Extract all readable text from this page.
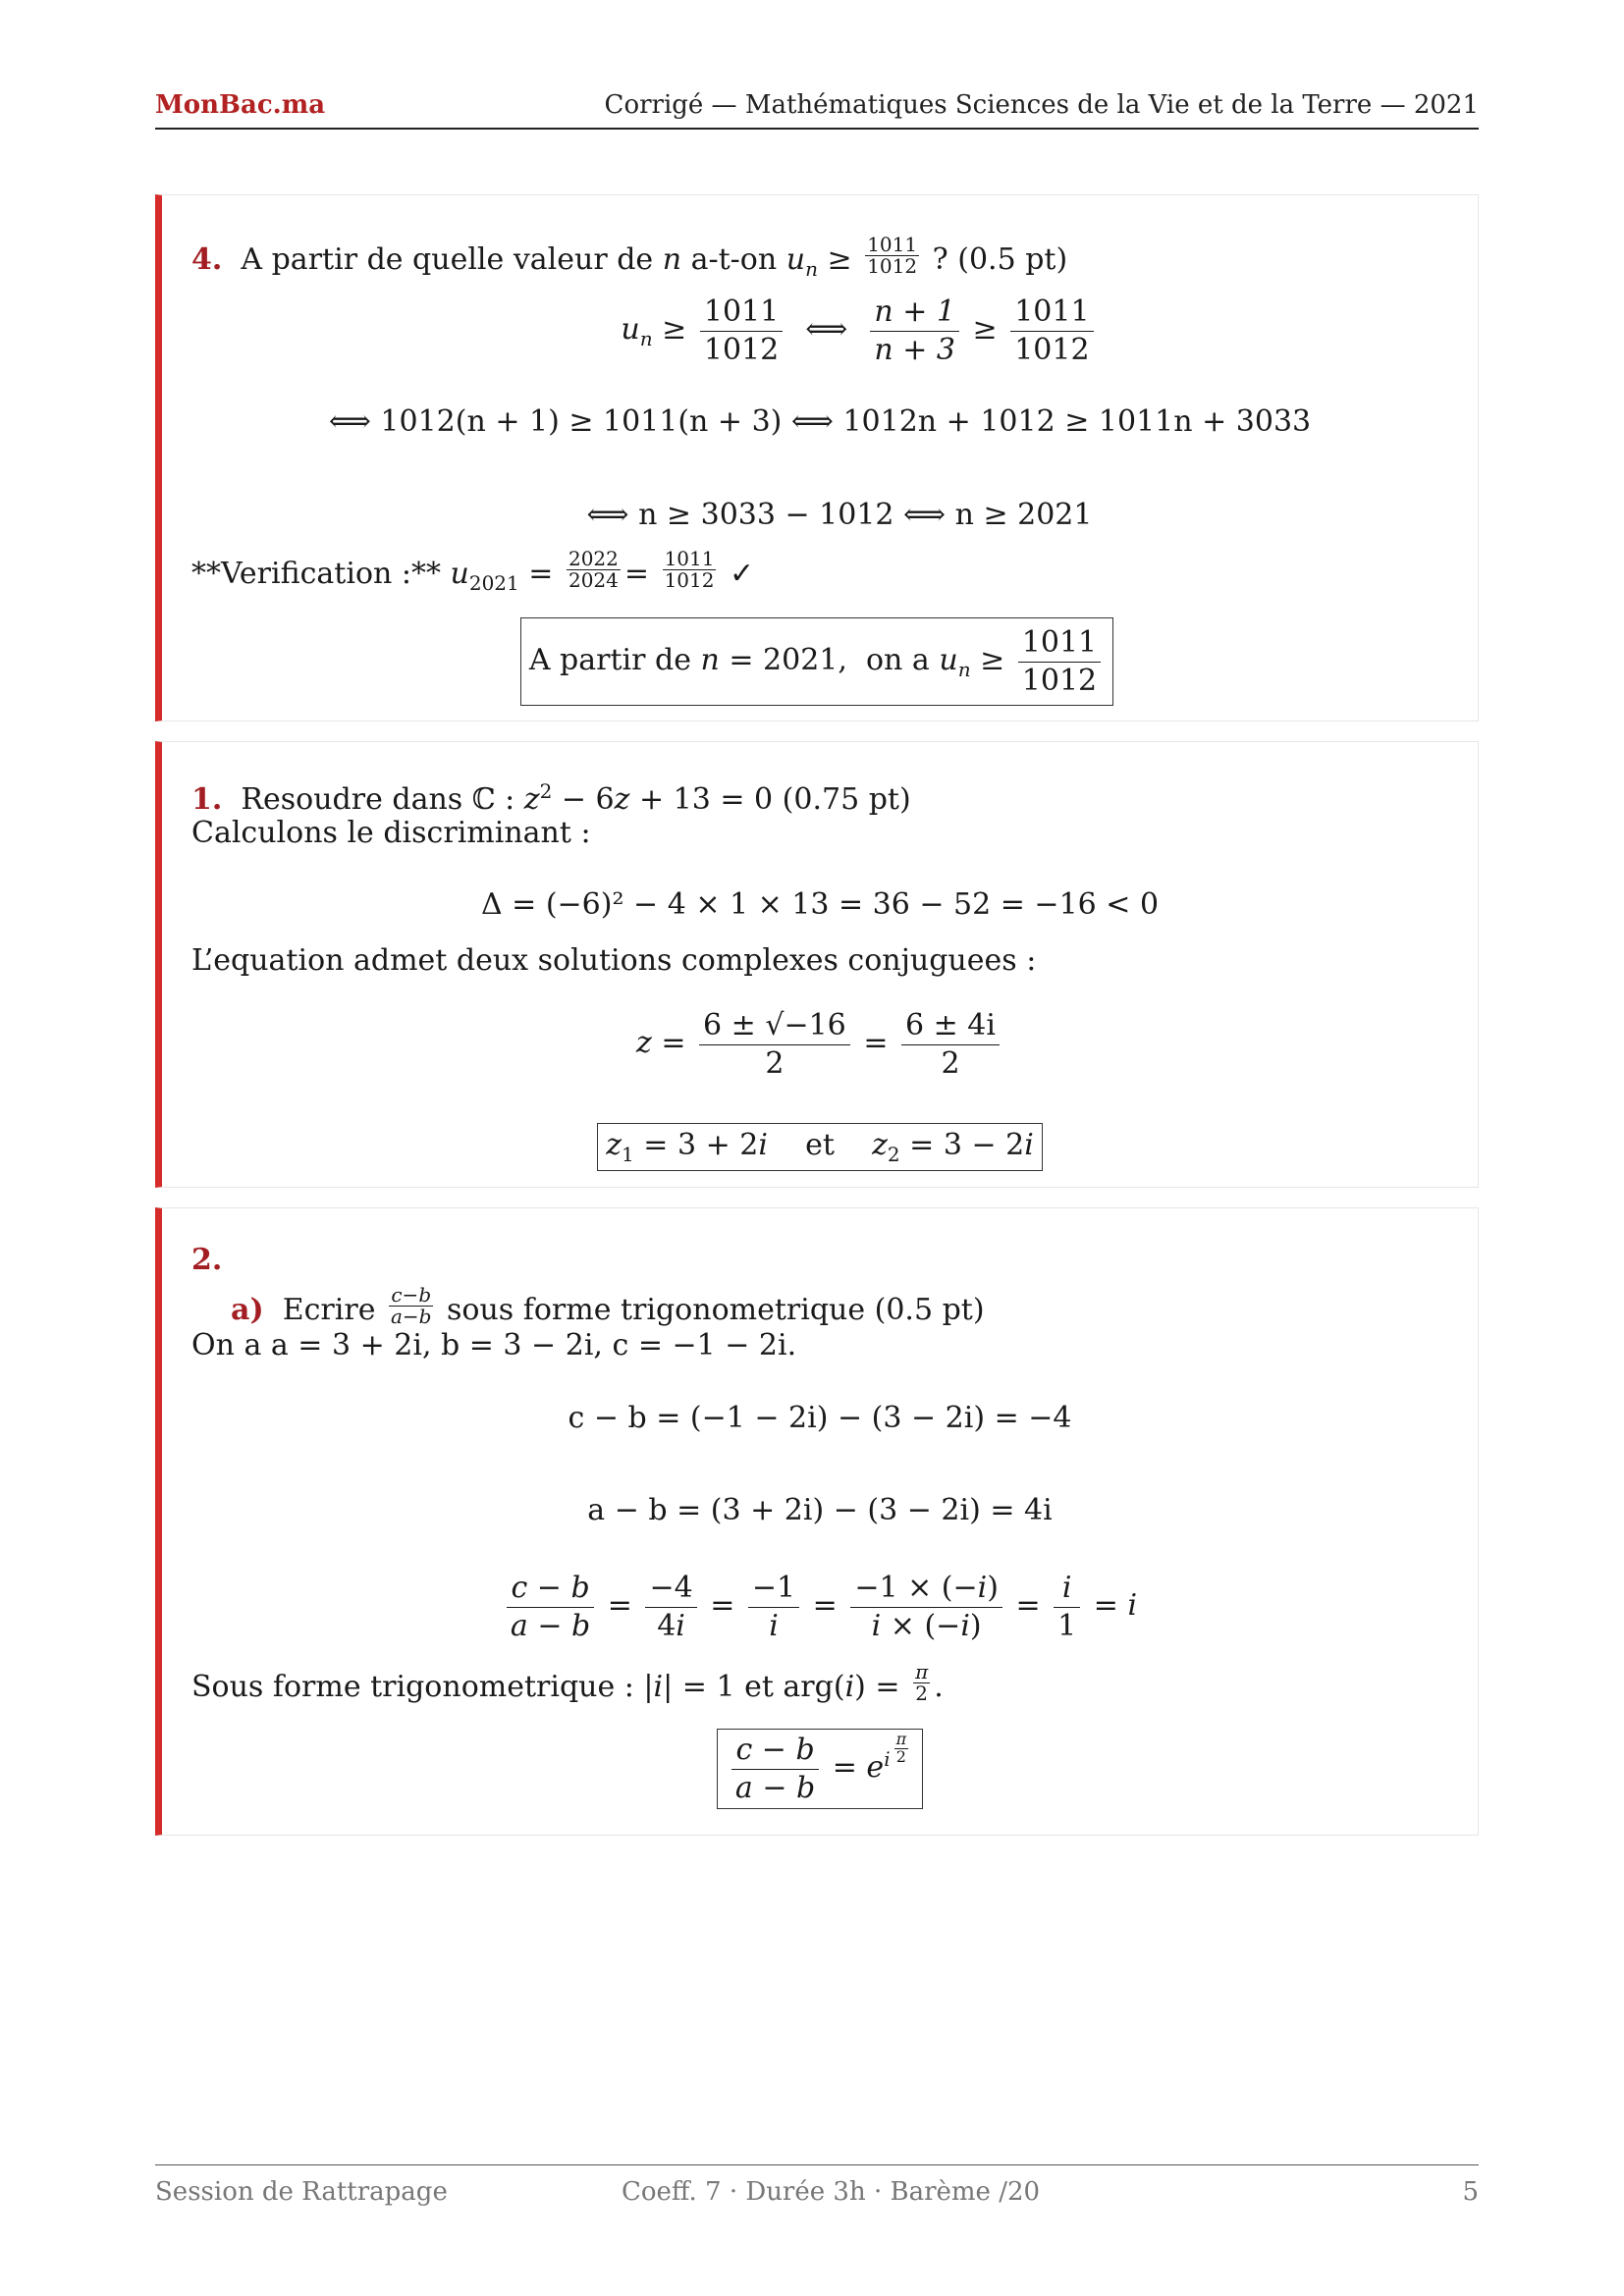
MonBac.ma	Corrigé — Mathématiques Sciences de la Vie et de la Terre — 2021
4. A partir de quelle valeur de n a-t-on $u_n \ge \frac{1011}{1012}$ ? (0.5 pt)
$u_n \ge \frac{1011}{1012}$ ⟺ $\frac{n + 1}{n + 3} \ge \frac{1011}{1012}$
⟺ 1012(n + 1) ≥ 1011(n + 3) ⟺ 1012n + 1012 ≥ 1011n + 3033
⟺ n ≥ 3033 − 1012 ⟺ n ≥ 2021
**Verification :** $u_{2021} = \frac{2022}{2024} = \frac{1011}{1012}$ ✓
A partir de n = 2021,  on a $u_n \ge \frac{1011}{1012}$
1. Resoudre dans ℂ : $z^2 - 6z + 13 = 0$ (0.75 pt)
Calculons le discriminant :
Δ = (−6)² − 4 × 1 × 13 = 36 − 52 = −16 < 0
L’equation admet deux solutions complexes conjuguees :
$z = \frac{6 \pm √-16}{2} = \frac{6 \pm 4i}{2}$
$z_1 = 3 + 2i$ et $z_2 = 3 - 2i$
2.
a) Ecrire $\frac{c-b}{a-b}$ sous forme trigonometrique (0.5 pt)
On a a = 3 + 2i, b = 3 − 2i, c = −1 − 2i.
c − b = (−1 − 2i) − (3 − 2i) = −4
a − b = (3 + 2i) − (3 − 2i) = 4i
$\frac{c - b}{a - b} = \frac{-4}{4i} = \frac{-1}{i} = \frac{-1 \times (-i)}{i \times (-i)} = \frac{i}{1} = i$
Sous forme trigonometrique : |i| = 1 et $arg(i) = \frac{\pi}{2}$ .
$\frac{c - b}{a - b} = e^{i \frac{\pi}{2}}$
Session de Rattrapage	Coeff. 7 · Durée 3h · Barème /20	5
